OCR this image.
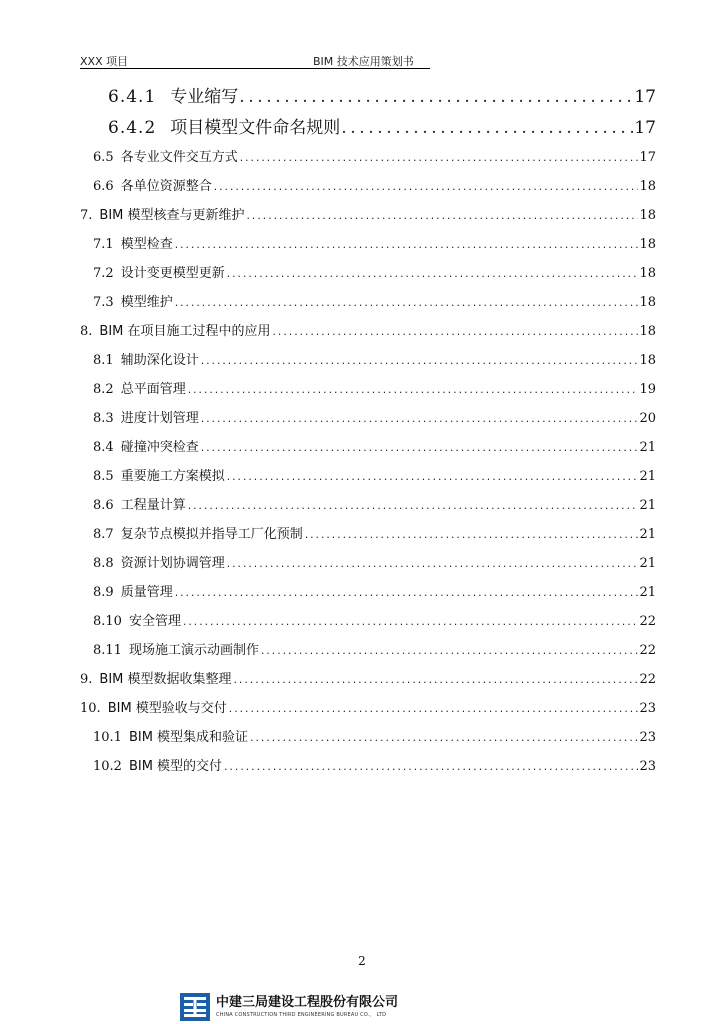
XXX 项目	BIM 技术应用策划书
6.4.1 专业缩写 .....	17
6.4.2 项目模型文件命名规则 .....	17
6.5 各专业文件交互方式 .....	17
6.6 各单位资源整合 .....	18
7. BIM 模型核查与更新维护 .....	18
7.1 模型检查 .....	18
7.2 设计变更模型更新 .....	18
7.3 模型维护 .....	18
8. BIM 在项目施工过程中的应用 .....	18
8.1 辅助深化设计 .....	18
8.2 总平面管理 .....	19
8.3 进度计划管理 .....	20
8.4 碰撞冲突检查 .....	21
8.5 重要施工方案模拟 .....	21
8.6 工程量计算 .....	21
8.7 复杂节点模拟并指导工厂化预制 .....	21
8.8 资源计划协调管理 .....	21
8.9 质量管理 .....	21
8.10 安全管理 .....	22
8.11 现场施工演示动画制作 .....	22
9. BIM 模型数据收集整理 .....	22
10. BIM 模型验收与交付 .....	23
10.1 BIM 模型集成和验证 .....	23
10.2 BIM 模型的交付 .....	23
2
中建三局建设工程股份有限公司
CHINA CONSTRUCTION THIRD ENGINEERING BUREAU CO.， LTD
